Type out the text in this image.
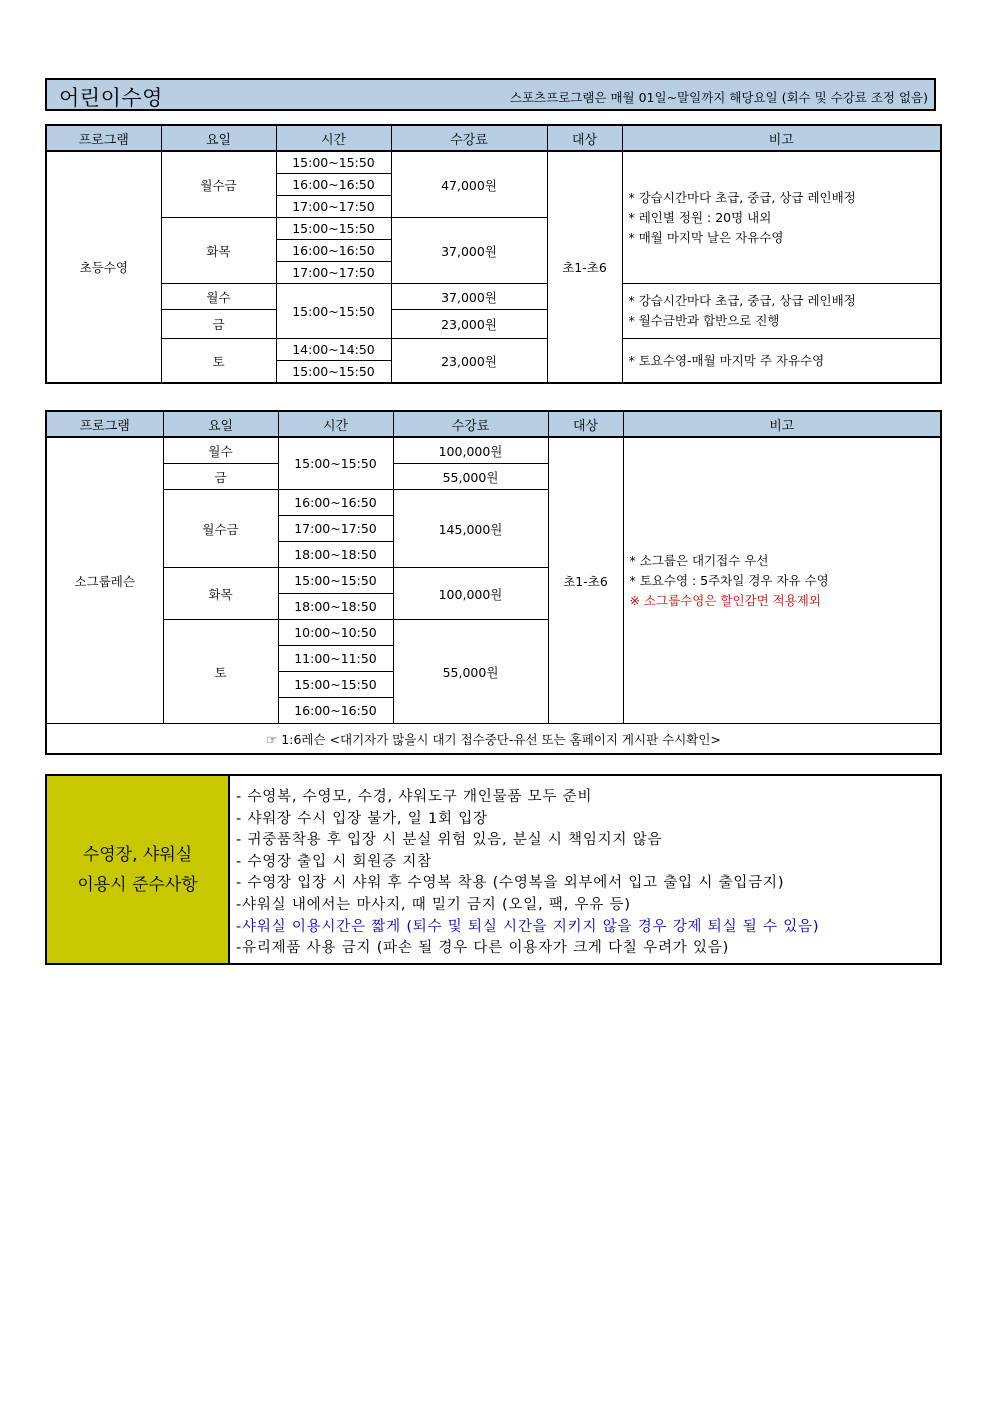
어린이수영	스포츠프로그램은 매월 01일~말일까지 해당요일 (회수 및 수강료 조정 없음)
프로그램	요일	시간	수강료	대상	비고
초등수영	월수금	15:00~15:50	47,000원	초1-초6	* 강습시간마다 초급, 중급, 상급 레인배정
* 레인별 정원 : 20명 내외
* 매월 마지막 날은 자유수영

		16:00~16:50			
		17:00~17:50			
	화목	15:00~15:50	37,000원		
		16:00~16:50			
		17:00~17:50			
	월수	15:00~15:50	37,000원		* 강습시간마다 초급, 중급, 상급 레인배정
* 월수금반과 합반으로 진행

	금		23,000원		
	토	14:00~14:50	23,000원		* 토요수영-매월 마지막 주 자유수영

		15:00~15:50			
프로그램	요일	시간	수강료	대상	비고
소그룹레슨	월수	15:00~15:50	100,000원	초1-초6	* 소그룹은 대기접수 우선
* 토요수영 : 5주차일 경우 자유 수영
※ 소그룹수영은 할인감면 적용제외

	금		55,000원		
	월수금	16:00~16:50	145,000원		
		17:00~17:50			
		18:00~18:50			
	화목	15:00~15:50	100,000원		
		18:00~18:50			
	토	10:00~10:50	55,000원		
		11:00~11:50			
		15:00~15:50			
		16:00~16:50			
☞ 1:6레슨 <대기자가 많을시 대기 접수중단-유선 또는 홈페이지 게시판 수시확인>					
수영장, 샤워실
이용시 준수사항
- 수영복, 수영모, 수경, 샤워도구 개인물품 모두 준비
- 샤워장 수시 입장 불가, 일 1회 입장
- 귀중품착용 후 입장 시 분실 위험 있음, 분실 시 책임지지 않음
- 수영장 출입 시 회원증 지참
- 수영장 입장 시 샤워 후 수영복 착용 (수영복을 외부에서 입고 출입 시 출입금지)
-샤워실 내에서는 마사지, 때 밀기 금지 (오일, 팩, 우유 등)
-샤워실 이용시간은 짧게 (퇴수 및 퇴실 시간을 지키지 않을 경우 강제 퇴실 될 수 있음)
-유리제품 사용 금지 (파손 될 경우 다른 이용자가 크게 다칠 우려가 있음)
